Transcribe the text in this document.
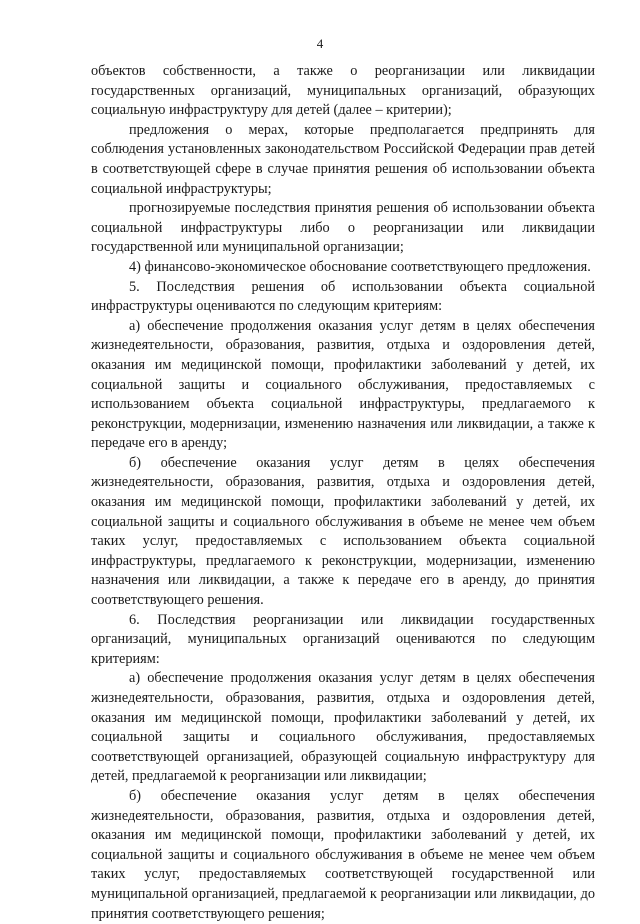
4

объектов собственности, а также о реорганизации или ликвидации государственных организаций, муниципальных организаций, образующих социальную инфраструктуру для детей (далее – критерии);

предложения о мерах, которые предполагается предпринять для соблюдения установленных законодательством Российской Федерации прав детей в соответствующей сфере в случае принятия решения об использовании объекта социальной инфраструктуры;

прогнозируемые последствия принятия решения об использовании объекта социальной инфраструктуры либо о реорганизации или ликвидации государственной или муниципальной организации;

4) финансово-экономическое обоснование соответствующего предложения.

5. Последствия решения об использовании объекта социальной инфраструктуры оцениваются по следующим критериям:

а) обеспечение продолжения оказания услуг детям в целях обеспечения жизнедеятельности, образования, развития, отдыха и оздоровления детей, оказания им медицинской помощи, профилактики заболеваний у детей, их социальной защиты и социального обслуживания, предоставляемых с использованием объекта социальной инфраструктуры, предлагаемого к реконструкции, модернизации, изменению назначения или ликвидации, а также к передаче его в аренду;

б) обеспечение оказания услуг детям в целях обеспечения жизнедеятельности, образования, развития, отдыха и оздоровления детей, оказания им медицинской помощи, профилактики заболеваний у детей, их социальной защиты и социального обслуживания в объеме не менее чем объем таких услуг, предоставляемых с использованием объекта социальной инфраструктуры, предлагаемого к реконструкции, модернизации, изменению назначения или ликвидации, а также к передаче его в аренду, до принятия соответствующего решения.

6. Последствия реорганизации или ликвидации государственных организаций, муниципальных организаций оцениваются по следующим критериям:

а) обеспечение продолжения оказания услуг детям в целях обеспечения жизнедеятельности, образования, развития, отдыха и оздоровления детей, оказания им медицинской помощи, профилактики заболеваний у детей, их социальной защиты и социального обслуживания, предоставляемых соответствующей организацией, образующей социальную инфраструктуру для детей, предлагаемой к реорганизации или ликвидации;

б) обеспечение оказания услуг детям в целях обеспечения жизнедеятельности, образования, развития, отдыха и оздоровления детей, оказания им медицинской помощи, профилактики заболеваний у детей, их социальной защиты и социального обслуживания в объеме не менее чем объем таких услуг, предоставляемых соответствующей государственной или муниципальной организацией, предлагаемой к реорганизации или ликвидации, до принятия соответствующего решения;
